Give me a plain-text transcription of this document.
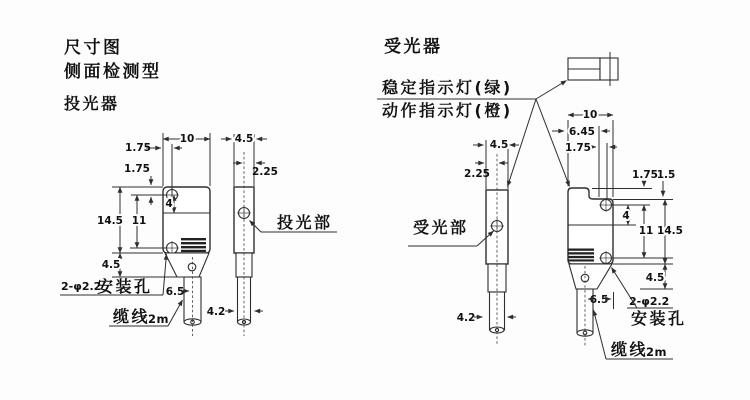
尺寸图
侧面检测型
投光器
10
1.75
1.75
14.5 11
4
4.5
2-φ2.2
安装孔
缆线
2m
6.5
4.5
2.25
4.2
投光部
受光器
稳定指示灯(绿)
动作指示灯(橙)
4.5
2.25
4.2
受光部
10
6.45
1.75
1.75
1.5
4
11 14.5
4.5
6.5 2-φ2.2
安装孔
缆线
2m
